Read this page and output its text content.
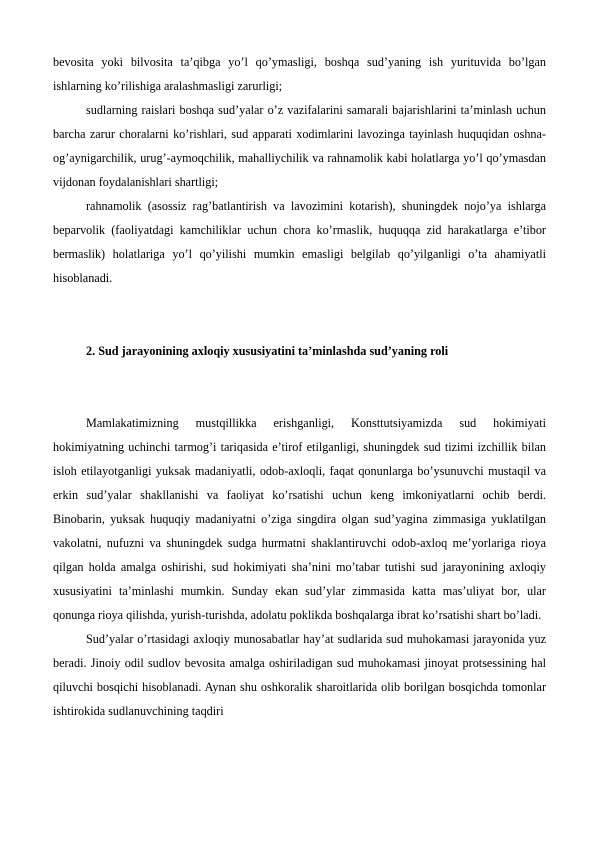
bevosita yoki bilvosita ta’qibga yo’l qo’ymasligi, boshqa sud’yaning ish yurituvida bo’lgan ishlarning ko’rilishiga aralashmasligi zarurligi;

sudlarning raislari boshqa sud’yalar o’z vazifalarini samarali bajarishlarini ta’minlash uchun barcha zarur choralarni ko’rishlari, sud apparati xodimlarini lavozinga tayinlash huquqidan oshna-og’aynigarchilik, urug’-aymoqchilik, mahalliychilik va rahnamolik kabi holatlarga yo’l qo’ymasdan vijdonan foydalanishlari shartligi;

rahnamolik (asossiz rag’batlantirish va lavozimini kotarish), shuningdek nojo’ya ishlarga beparvolik (faoliyatdagi kamchiliklar uchun chora ko’rmaslik, huquqqa zid harakatlarga e’tibor bermaslik) holatlariga yo’l qo’yilishi mumkin emasligi belgilab qo’yilganligi o’ta ahamiyatli hisoblanadi.

2. Sud jarayonining axloqiy xususiyatini ta’minlashda sud’yaning roli

Mamlakatimizning mustqillikka erishganligi, Konsttutsiyamizda sud hokimiyati hokimiyatning uchinchi tarmog’i tariqasida e’tirof etilganligi, shuningdek sud tizimi izchillik bilan isloh etilayotganligi yuksak madaniyatli, odob-axloqli, faqat qonunlarga bo’ysunuvchi mustaqil va erkin sud’yalar shakllanishi va faoliyat ko’rsatishi uchun keng imkoniyatlarni ochib berdi. Binobarin, yuksak huquqiy madaniyatni o’ziga singdira olgan sud’yagina zimmasiga yuklatilgan vakolatni, nufuzni va shuningdek sudga hurmatni shaklantiruvchi odob-axloq me’yorlariga rioya qilgan holda amalga oshirishi, sud hokimiyati sha’nini mo’tabar tutishi sud jarayonining axloqiy xususiyatini ta’minlashi mumkin. Sunday ekan sud’ylar zimmasida katta mas’uliyat bor, ular qonunga rioya qilishda, yurish-turishda, adolatu poklikda boshqalarga ibrat ko’rsatishi shart bo’ladi.

Sud’yalar o’rtasidagi axloqiy munosabatlar hay’at sudlarida sud muhokamasi jarayonida yuz beradi. Jinoiy odil sudlov bevosita amalga oshiriladigan sud muhokamasi jinoyat protsessining hal qiluvchi bosqichi hisoblanadi. Aynan shu oshkoralik sharoitlarida olib borilgan bosqichda tomonlar ishtirokida sudlanuvchining taqdiri
